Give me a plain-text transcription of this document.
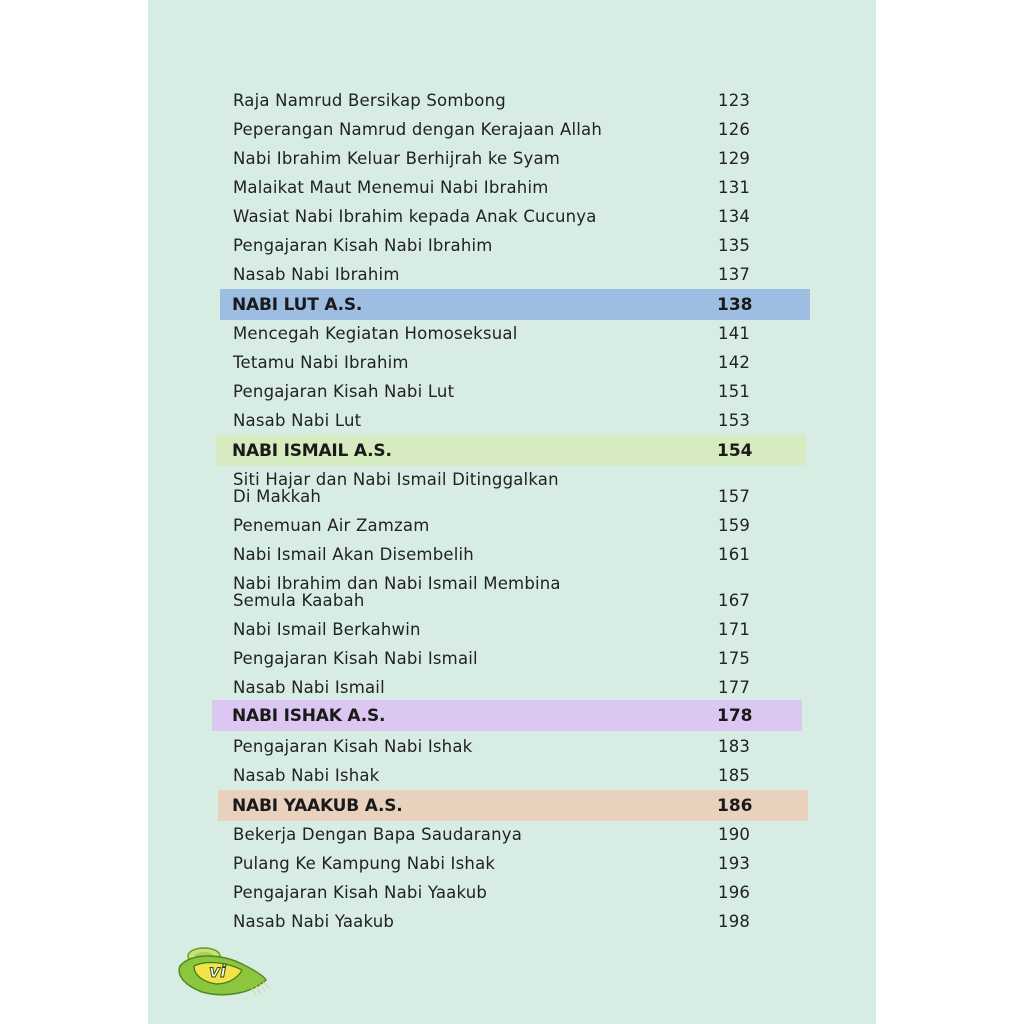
Raja Namrud Bersikap Sombong	123
Peperangan Namrud dengan Kerajaan Allah	126
Nabi Ibrahim Keluar Berhijrah ke Syam	129
Malaikat Maut Menemui Nabi Ibrahim	131
Wasiat Nabi Ibrahim kepada Anak Cucunya	134
Pengajaran Kisah Nabi Ibrahim	135
Nasab Nabi Ibrahim	137
NABI LUT A.S.	138
Mencegah Kegiatan Homoseksual	141
Tetamu Nabi Ibrahim	142
Pengajaran Kisah Nabi Lut	151
Nasab Nabi Lut	153
NABI ISMAIL A.S.	154
Siti Hajar dan Nabi Ismail Ditinggalkan
Di Makkah	157
Penemuan Air Zamzam	159
Nabi Ismail Akan Disembelih	161
Nabi Ibrahim dan Nabi Ismail Membina
Semula Kaabah	167
Nabi Ismail Berkahwin	171
Pengajaran Kisah Nabi Ismail	175
Nasab Nabi Ismail	177
NABI ISHAK A.S.	178
Pengajaran Kisah Nabi Ishak	183
Nasab Nabi Ishak	185
NABI YAAKUB A.S.	186
Bekerja Dengan Bapa Saudaranya	190
Pulang Ke Kampung Nabi Ishak	193
Pengajaran Kisah Nabi Yaakub	196
Nasab Nabi Yaakub	198
vi
